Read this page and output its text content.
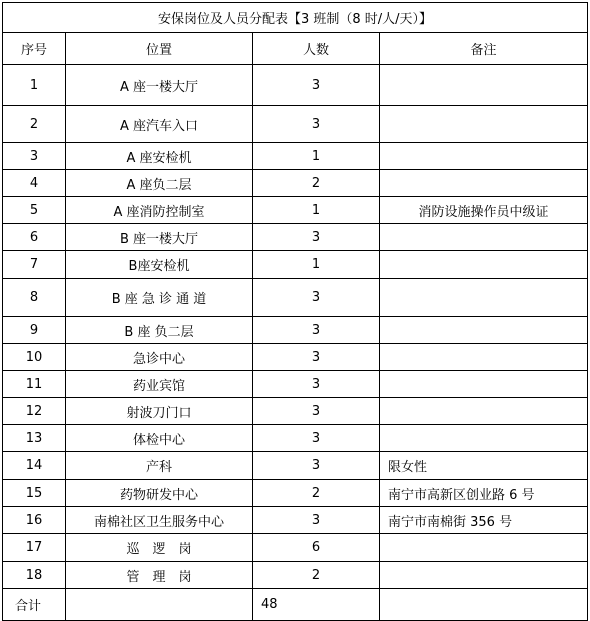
安保岗位及人员分配表【3 班制（8 时/人/天）】			
序号	位置	人数	备注
1	A 座一楼大厅	3	
2	A 座汽车入口	3	
3	A 座安检机	1	
4	A 座负二层	2	
5	A 座消防控制室	1	消防设施操作员中级证
6	B 座一楼大厅	3	
7	B座安检机	1	
8	B 座 急 诊 通 道	3	
9	B 座 负二层	3	
10	急诊中心	3	
11	药业宾馆	3	
12	射波刀门口	3	
13	体检中心	3	
14	产科	3	限女性
15	药物研发中心	2	南宁市高新区创业路 6 号
16	南棉社区卫生服务中心	3	南宁市南棉街 356 号
17	巡　逻　岗	6	
18	管　理　岗	2	
合计		48	
